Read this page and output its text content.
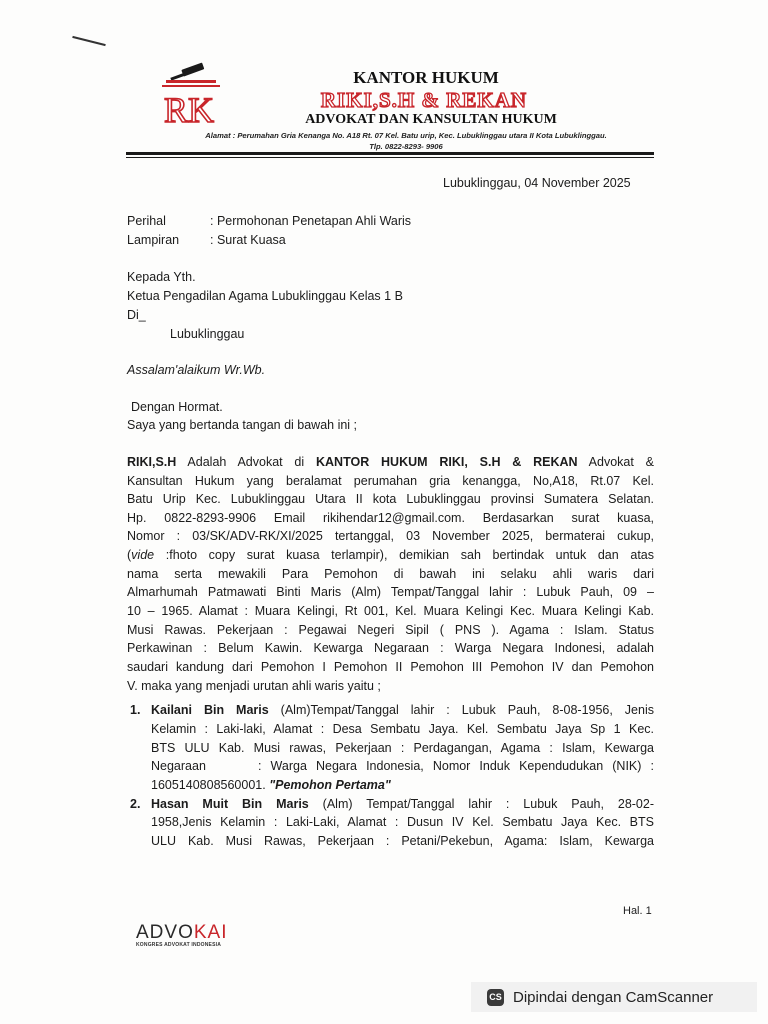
RK
KANTOR HUKUM
RIKI,S.H & REKAN
ADVOKAT DAN KANSULTAN HUKUM
Alamat : Perumahan Gria Kenanga No. A18 Rt. 07 Kel. Batu urip, Kec. Lubuklinggau utara II Kota Lubuklinggau.
Tlp. 0822-8293- 9906
Lubuklinggau, 04 November 2025
Perihal	: Permohonan Penetapan Ahli Waris
Lampiran : Surat Kuasa
Kepada Yth.
Ketua Pengadilan Agama Lubuklinggau Kelas 1 B
Di_
Lubuklinggau
Assalam'alaikum Wr.Wb.
Dengan Hormat.
Saya yang bertanda tangan di bawah ini ;
RIKI,S.H Adalah Advokat di KANTOR HUKUM RIKI, S.H & REKAN Advokat &
Kansultan Hukum yang beralamat perumahan gria kenangga, No,A18, Rt.07 Kel.
Batu Urip Kec. Lubuklinggau Utara II kota Lubuklinggau provinsi Sumatera Selatan.
Hp. 0822-8293-9906 Email rikihendar12@gmail.com. Berdasarkan surat kuasa,
Nomor : 03/SK/ADV-RK/XI/2025 tertanggal, 03 November 2025, bermaterai cukup,
(vide :fhoto copy surat kuasa terlampir), demikian sah bertindak untuk dan atas
nama serta mewakili Para Pemohon di bawah ini selaku ahli waris dari
Almarhumah Patmawati Binti Maris (Alm) Tempat/Tanggal lahir : Lubuk Pauh, 09 –
10 – 1965. Alamat : Muara Kelingi, Rt 001, Kel. Muara Kelingi Kec. Muara Kelingi Kab.
Musi Rawas. Pekerjaan : Pegawai Negeri Sipil ( PNS ). Agama : Islam. Status
Perkawinan : Belum Kawin. Kewarga Negaraan : Warga Negara Indonesi, adalah
saudari kandung dari Pemohon I Pemohon II Pemohon III Pemohon IV dan Pemohon
V. maka yang menjadi urutan ahli waris yaitu ;
1. Kailani Bin Maris (Alm)Tempat/Tanggal lahir : Lubuk Pauh, 8-08-1956, Jenis
Kelamin : Laki-laki, Alamat : Desa Sembatu Jaya. Kel. Sembatu Jaya Sp 1 Kec.
BTS ULU Kab. Musi rawas, Pekerjaan : Perdagangan, Agama : Islam, Kewarga
Negaraan	: Warga Negara Indonesia, Nomor Induk Kependudukan (NIK) :
1605140808560001. "Pemohon Pertama"
2. Hasan Muit Bin Maris (Alm) Tempat/Tanggal lahir : Lubuk Pauh, 28-02-
1958,Jenis Kelamin : Laki-Laki, Alamat : Dusun IV Kel. Sembatu Jaya Kec. BTS
ULU Kab. Musi Rawas, Pekerjaan : Petani/Pekebun, Agama: Islam, Kewarga
Hal. 1
ADVOKAI
KONGRES ADVOKAT INDONESIA
CS Dipindai dengan CamScanner
